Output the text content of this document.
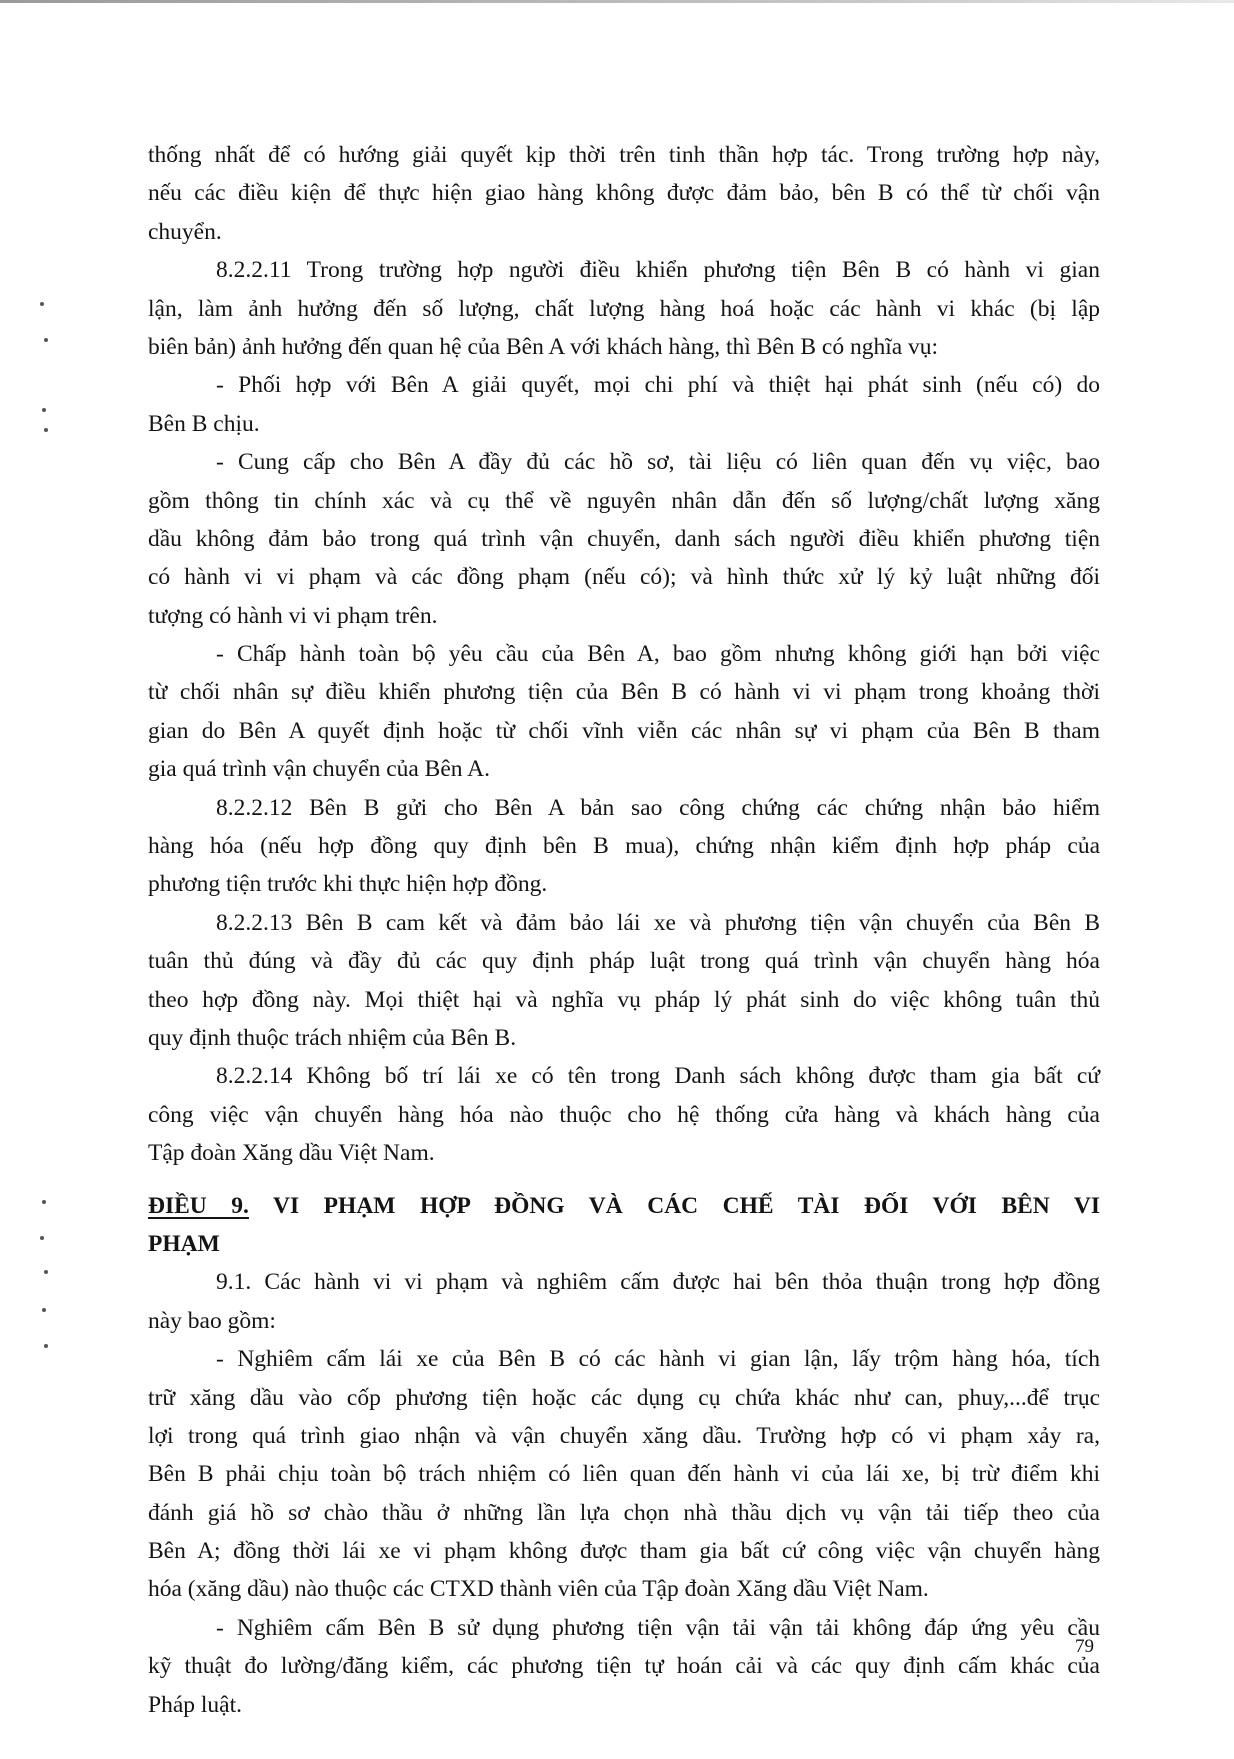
thống nhất để có hướng giải quyết kịp thời trên tinh thần hợp tác. Trong trường hợp này,
nếu các điều kiện để thực hiện giao hàng không được đảm bảo, bên B có thể từ chối vận
chuyển.
8.2.2.11 Trong trường hợp người điều khiển phương tiện Bên B có hành vi gian
lận, làm ảnh hưởng đến số lượng, chất lượng hàng hoá hoặc các hành vi khác (bị lập
biên bản) ảnh hưởng đến quan hệ của Bên A với khách hàng, thì Bên B có nghĩa vụ:
- Phối hợp với Bên A giải quyết, mọi chi phí và thiệt hại phát sinh (nếu có) do
Bên B chịu.
- Cung cấp cho Bên A đầy đủ các hồ sơ, tài liệu có liên quan đến vụ việc, bao
gồm thông tin chính xác và cụ thể về nguyên nhân dẫn đến số lượng/chất lượng xăng
dầu không đảm bảo trong quá trình vận chuyển, danh sách người điều khiển phương tiện
có hành vi vi phạm và các đồng phạm (nếu có); và hình thức xử lý kỷ luật những đối
tượng có hành vi vi phạm trên.
- Chấp hành toàn bộ yêu cầu của Bên A, bao gồm nhưng không giới hạn bởi việc
từ chối nhân sự điều khiển phương tiện của Bên B có hành vi vi phạm trong khoảng thời
gian do Bên A quyết định hoặc từ chối vĩnh viễn các nhân sự vi phạm của Bên B tham
gia quá trình vận chuyển của Bên A.
8.2.2.12 Bên B gửi cho Bên A bản sao công chứng các chứng nhận bảo hiểm
hàng hóa (nếu hợp đồng quy định bên B mua), chứng nhận kiểm định hợp pháp của
phương tiện trước khi thực hiện hợp đồng.
8.2.2.13 Bên B cam kết và đảm bảo lái xe và phương tiện vận chuyển của Bên B
tuân thủ đúng và đầy đủ các quy định pháp luật trong quá trình vận chuyển hàng hóa
theo hợp đồng này. Mọi thiệt hại và nghĩa vụ pháp lý phát sinh do việc không tuân thủ
quy định thuộc trách nhiệm của Bên B.
8.2.2.14 Không bố trí lái xe có tên trong Danh sách không được tham gia bất cứ
công việc vận chuyển hàng hóa nào thuộc cho hệ thống cửa hàng và khách hàng của
Tập đoàn Xăng dầu Việt Nam.
ĐIỀU 9. VI PHẠM HỢP ĐỒNG VÀ CÁC CHẾ TÀI ĐỐI VỚI BÊN VI
PHẠM
9.1. Các hành vi vi phạm và nghiêm cấm được hai bên thỏa thuận trong hợp đồng
này bao gồm:
- Nghiêm cấm lái xe của Bên B có các hành vi gian lận, lấy trộm hàng hóa, tích
trữ xăng dầu vào cốp phương tiện hoặc các dụng cụ chứa khác như can, phuy,...để trục
lợi trong quá trình giao nhận và vận chuyển xăng dầu. Trường hợp có vi phạm xảy ra,
Bên B phải chịu toàn bộ trách nhiệm có liên quan đến hành vi của lái xe, bị trừ điểm khi
đánh giá hồ sơ chào thầu ở những lần lựa chọn nhà thầu dịch vụ vận tải tiếp theo của
Bên A; đồng thời lái xe vi phạm không được tham gia bất cứ công việc vận chuyển hàng
hóa (xăng dầu) nào thuộc các CTXD thành viên của Tập đoàn Xăng dầu Việt Nam.
- Nghiêm cấm Bên B sử dụng phương tiện vận tải vận tải không đáp ứng yêu cầu
kỹ thuật đo lường/đăng kiểm, các phương tiện tự hoán cải và các quy định cấm khác của
Pháp luật.
79
